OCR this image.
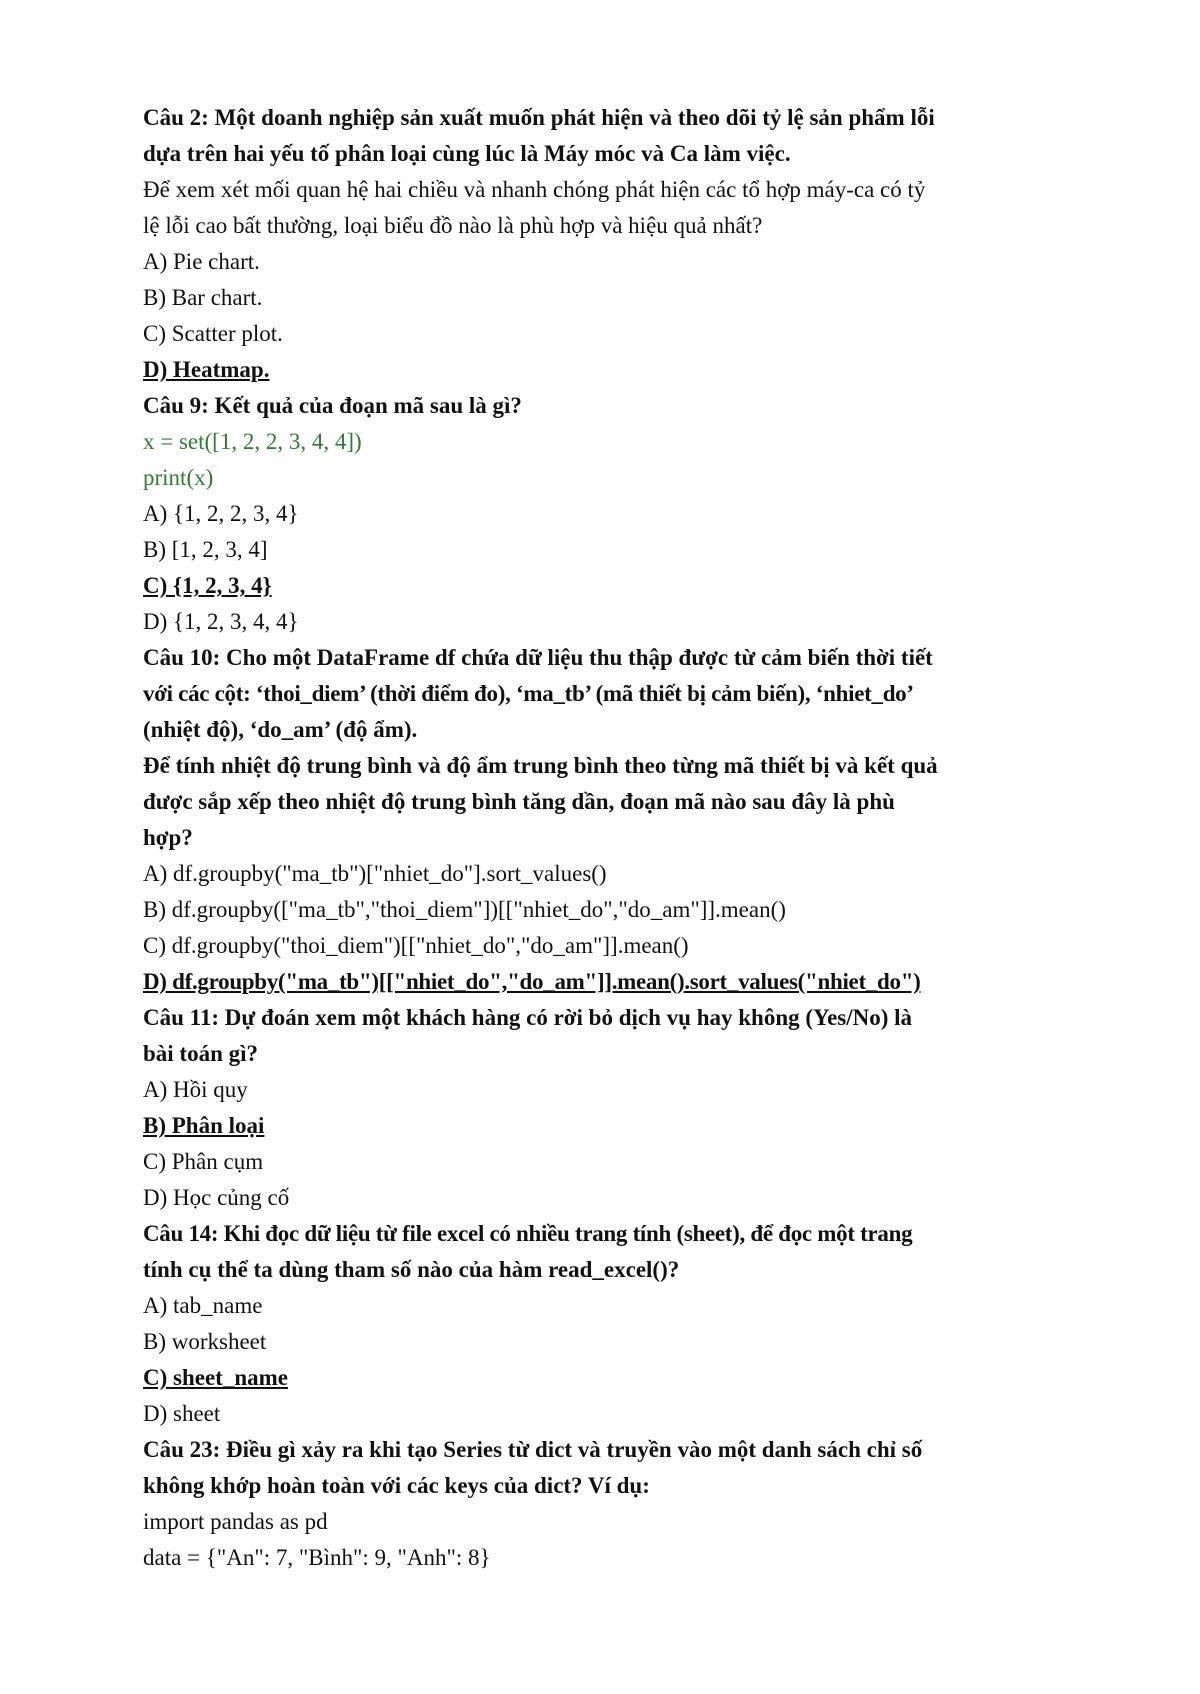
Câu 2: Một doanh nghiệp sản xuất muốn phát hiện và theo dõi tỷ lệ sản phẩm lỗi
dựa trên hai yếu tố phân loại cùng lúc là Máy móc và Ca làm việc.
Để xem xét mối quan hệ hai chiều và nhanh chóng phát hiện các tổ hợp máy-ca có tỷ
lệ lỗi cao bất thường, loại biểu đồ nào là phù hợp và hiệu quả nhất?
A) Pie chart.
B) Bar chart.
C) Scatter plot.
D) Heatmap.
Câu 9: Kết quả của đoạn mã sau là gì?
x = set([1, 2, 2, 3, 4, 4])
print(x)
A) {1, 2, 2, 3, 4}
B) [1, 2, 3, 4]
C) {1, 2, 3, 4}
D) {1, 2, 3, 4, 4}
Câu 10: Cho một DataFrame df chứa dữ liệu thu thập được từ cảm biến thời tiết
với các cột: ‘thoi_diem’ (thời điểm đo), ‘ma_tb’ (mã thiết bị cảm biến), ‘nhiet_do’
(nhiệt độ), ‘do_am’ (độ ẩm).
Để tính nhiệt độ trung bình và độ ẩm trung bình theo từng mã thiết bị và kết quả
được sắp xếp theo nhiệt độ trung bình tăng dần, đoạn mã nào sau đây là phù
hợp?
A) df.groupby("ma_tb")["nhiet_do"].sort_values()
B) df.groupby(["ma_tb","thoi_diem"])[["nhiet_do","do_am"]].mean()
C) df.groupby("thoi_diem")[["nhiet_do","do_am"]].mean()
D) df.groupby("ma_tb")[["nhiet_do","do_am"]].mean().sort_values("nhiet_do")
Câu 11: Dự đoán xem một khách hàng có rời bỏ dịch vụ hay không (Yes/No) là
bài toán gì?
A) Hồi quy
B) Phân loại
C) Phân cụm
D) Học củng cố
Câu 14: Khi đọc dữ liệu từ file excel có nhiều trang tính (sheet), để đọc một trang
tính cụ thể ta dùng tham số nào của hàm read_excel()?
A) tab_name
B) worksheet
C) sheet_name
D) sheet
Câu 23: Điều gì xảy ra khi tạo Series từ dict và truyền vào một danh sách chỉ số
không khớp hoàn toàn với các keys của dict? Ví dụ:
import pandas as pd
data = {"An": 7, "Bình": 9, "Anh": 8}
